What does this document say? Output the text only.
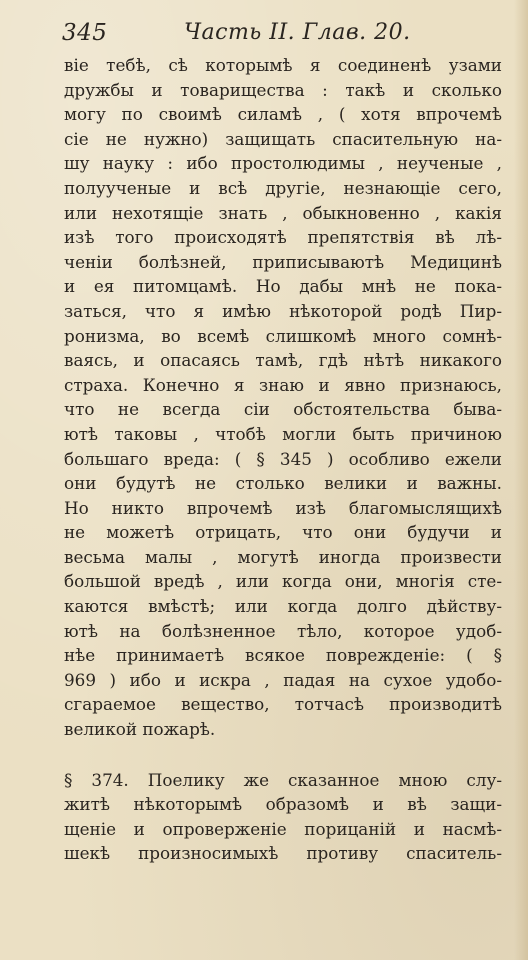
345	Часть II. Глав. 20.
віе тебѣ, сѣ которымѣ я соединенѣ узами
дружбы и товарищества : такѣ и сколько
могу по своимѣ силамѣ , ( хотя впрочемѣ
сіе не нужно) защищать спасительную на-
шу науку : ибо простолюдимы , неученые ,
полуученые и всѣ другіе, незнающіе сего,
или нехотящіе знать , обыкновенно , какія
изѣ того происходятѣ препятствія вѣ лѣ-
ченіи болѣзней, приписываютѣ Медицинѣ
и ея питомцамѣ. Но дабы мнѣ не пока-
заться, что я имѣю нѣкоторой родѣ Пир-
ронизма, во всемѣ слишкомѣ много сомнѣ-
ваясь, и опасаясь тамѣ, гдѣ нѣтѣ никакого
страха. Конечно я знаю и явно признаюсь,
что не всегда сіи обстоятельства быва-
ютѣ таковы , чтобѣ могли быть причиною
большаго вреда: ( § 345 ) особливо ежели
они будутѣ не столько велики и важны.
Но никто впрочемѣ изѣ благомыслящихѣ
не можетѣ отрицать, что они будучи и
весьма малы , могутѣ иногда произвести
большой вредѣ , или когда они, многія сте-
каются вмѣстѣ; или когда долго дѣйству-
ютѣ на болѣзненное тѣло, которое удоб-
нѣе принимаетѣ всякое поврежденіе: ( §
969 ) ибо и искра , падая на сухое удобо-
сгараемое вещество, тотчасѣ производитѣ
великой пожарѣ.
§ 374. Поелику же сказанное мною слу-
житѣ нѣкоторымѣ образомѣ и вѣ защи-
щеніе и опроверженіе порицаній и насмѣ-
шекѣ произносимыхѣ противу спаситель-
